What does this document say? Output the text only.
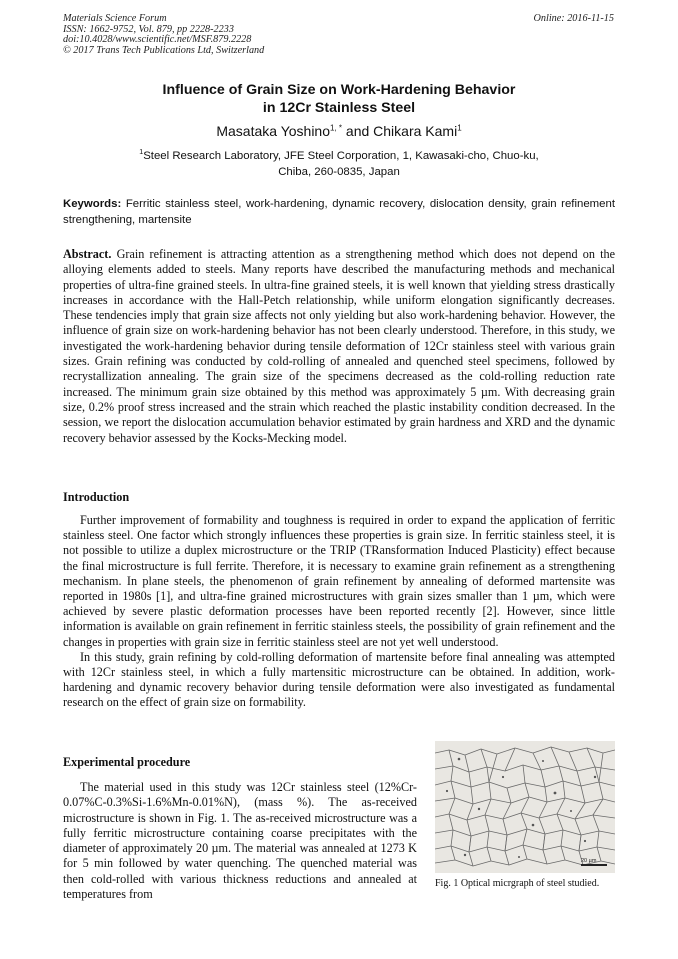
Materials Science Forum
ISSN: 1662-9752, Vol. 879, pp 2228-2233
doi:10.4028/www.scientific.net/MSF.879.2228
© 2017 Trans Tech Publications Ltd, Switzerland
Online: 2016-11-15
Influence of Grain Size on Work-Hardening Behavior
in 12Cr Stainless Steel
Masataka Yoshino$^{1, *}$ and Chikara Kami$^1$
$^1$Steel Research Laboratory, JFE Steel Corporation, 1, Kawasaki-cho, Chuo-ku,
Chiba, 260-0835, Japan
Keywords: Ferritic stainless steel, work-hardening, dynamic recovery, dislocation density, grain refinement strengthening, martensite
Abstract. Grain refinement is attracting attention as a strengthening method which does not depend on the alloying elements added to steels. Many reports have described the manufacturing methods and mechanical properties of ultra-fine grained steels. In ultra-fine grained steels, it is well known that yielding stress drastically increases in accordance with the Hall-Petch relationship, while uniform elongation significantly decreases. These tendencies imply that grain size affects not only yielding but also work-hardening behavior. However, the influence of grain size on work-hardening behavior has not been clearly understood. Therefore, in this study, we investigated the work-hardening behavior during tensile deformation of 12Cr stainless steel with various grain sizes. Grain refining was conducted by cold-rolling of annealed and quenched steel specimens, followed by recrystallization annealing. The grain size of the specimens decreased as the cold-rolling reduction rate increased. The minimum grain size obtained by this method was approximately 5 µm. With decreasing grain size, 0.2% proof stress increased and the strain which reached the plastic instability condition decreased. In the session, we report the dislocation accumulation behavior estimated by grain hardness and XRD and the dynamic recovery behavior assessed by the Kocks-Mecking model.
Introduction

Further improvement of formability and toughness is required in order to expand the application of ferritic stainless steel. One factor which strongly influences these properties is grain size. In ferritic stainless steel, it is not possible to utilize a duplex microstructure or the TRIP (TRansformation Induced Plasticity) effect because the final microstructure is full ferrite. Therefore, it is necessary to examine grain refinement as a strengthening mechanism. In plane steels, the phenomenon of grain refinement by annealing of deformed martensite was reported in 1980s [1], and ultra-fine grained microstructures with grain sizes smaller than 1 µm, which were achieved by severe plastic deformation processes have been reported recently [2]. However, since little information is available on grain refinement in ferritic stainless steels, the possibility of grain refinement and the changes in properties with grain size in ferritic stainless steel are not yet well understood.

In this study, grain refining by cold-rolling deformation of martensite before final annealing was attempted with 12Cr stainless steel, in which a fully martensitic microstructure can be obtained. In addition, work-hardening and dynamic recovery behavior during tensile deformation were also investigated as fundamental research on the effect of grain size on formability.

Experimental procedure

The material used in this study was 12Cr stainless steel (12%Cr-0.07%C-0.3%Si-1.6%Mn-0.01%N), (mass %). The as-received microstructure is shown in Fig. 1. The as-received microstructure was a fully ferritic microstructure containing coarse precipitates with the diameter of approximately 20 µm. The material was annealed at 1273 K for 5 min followed by water quenching. The quenched material was then cold-rolled with various thickness reductions and annealed at temperatures from

20 µm
Fig. 1 Optical micrgraph of steel studied.
